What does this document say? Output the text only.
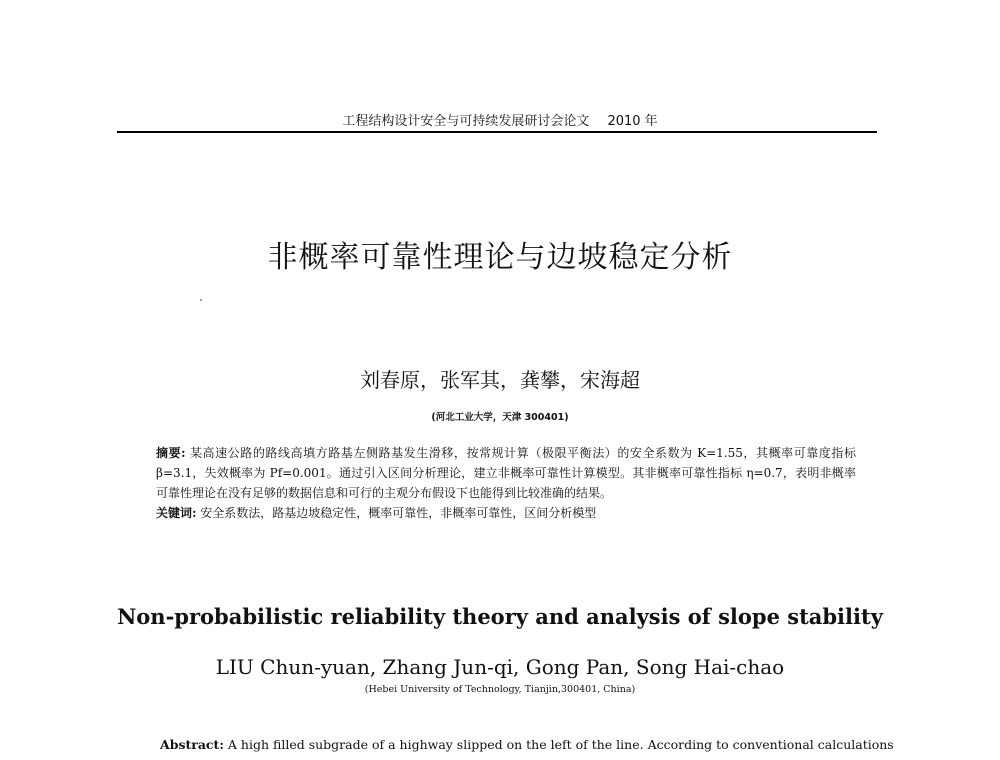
工程结构设计安全与可持续发展研讨会论文 2010 年
非概率可靠性理论与边坡稳定分析
刘春原，张军其，龚攀，宋海超
(河北工业大学，天津 300401)
摘要: 某高速公路的路线高填方路基左侧路基发生滑移，按常规计算（极限平衡法）的安全系数为 K=1.55，其概率可靠度指标 β=3.1，失效概率为 Pf=0.001。通过引入区间分析理论，建立非概率可靠性计算模型。其非概率可靠性指标 η=0.7，表明非概率可靠性理论在没有足够的数据信息和可行的主观分布假设下也能得到比较准确的结果。
关键词: 安全系数法，路基边坡稳定性，概率可靠性，非概率可靠性，区间分析模型
Non-probabilistic reliability theory and analysis of slope stability
LIU Chun-yuan, Zhang Jun-qi, Gong Pan, Song Hai-chao
(Hebei University of Technology, Tianjin,300401, China)
Abstract: A high filled subgrade of a highway slipped on the left of the line. According to conventional calculations
